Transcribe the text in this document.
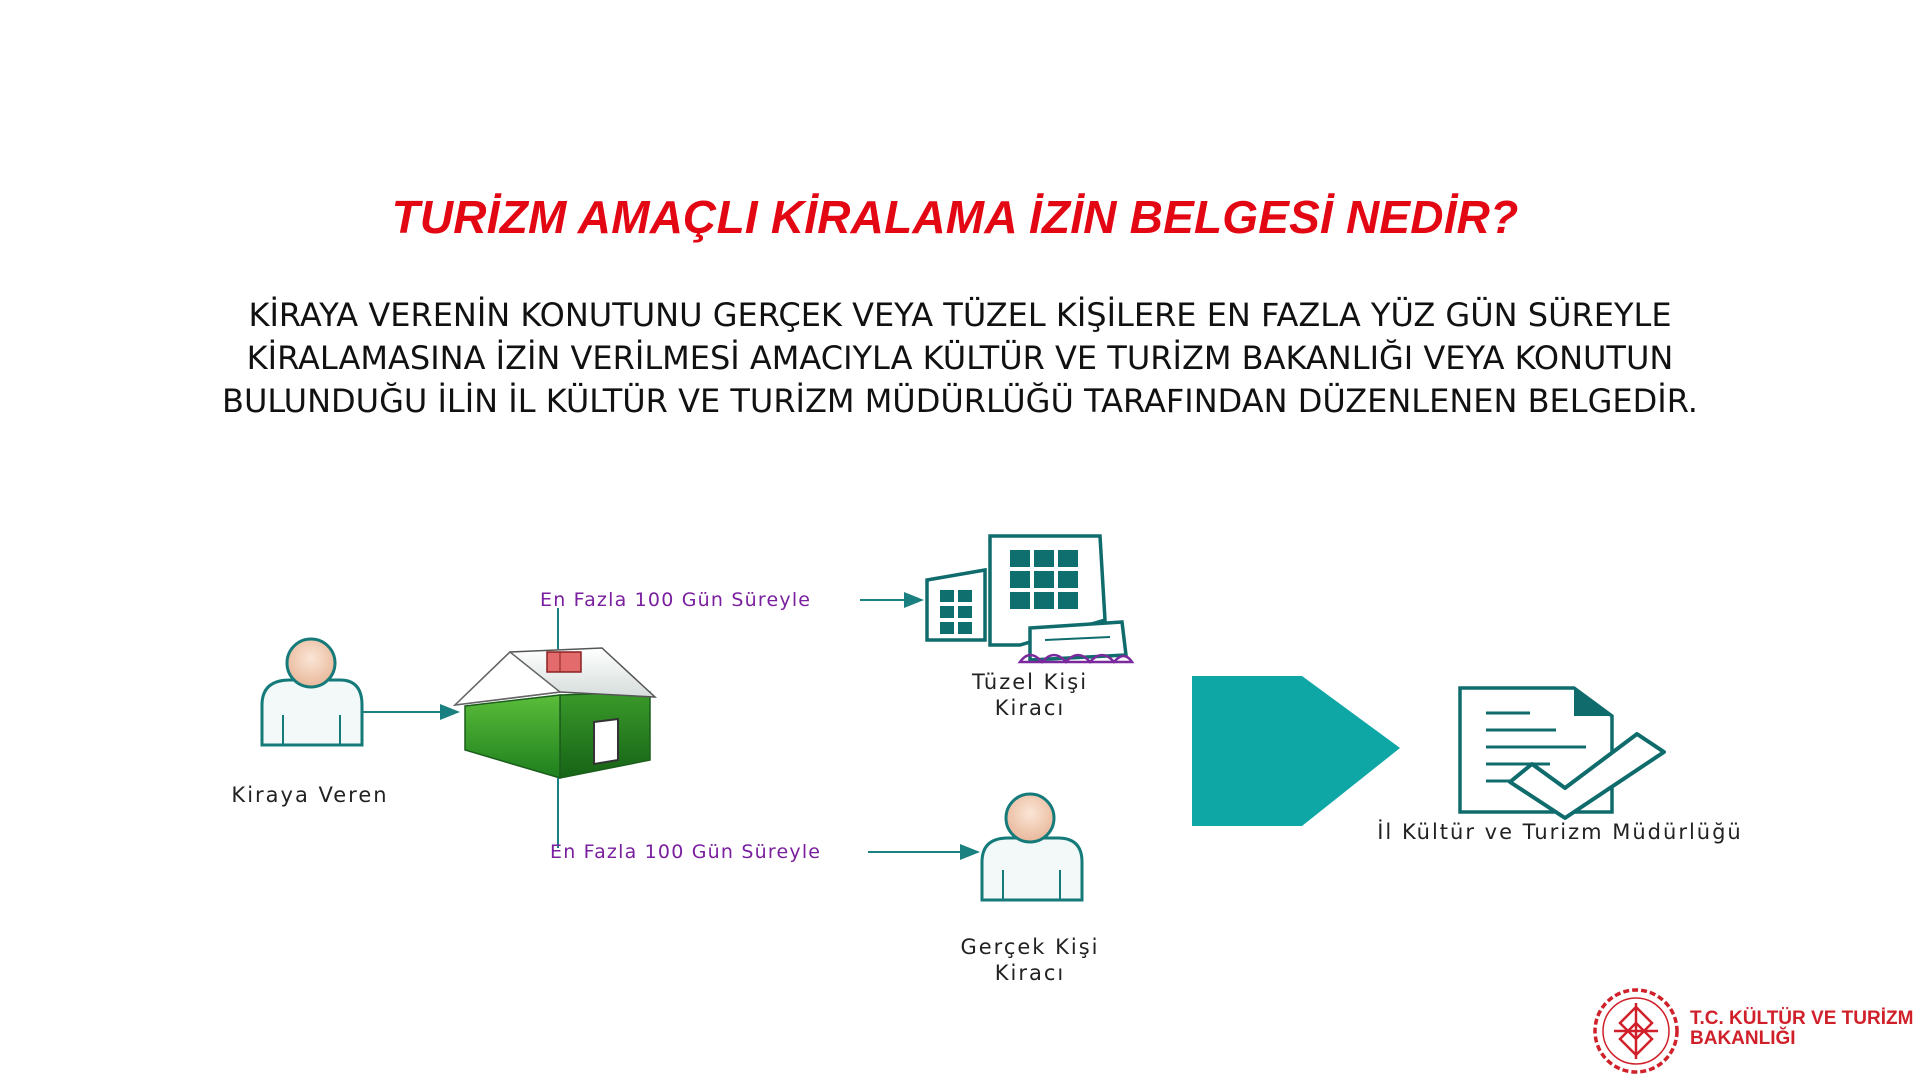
TURİZM AMAÇLI KİRALAMA İZİN BELGESİ NEDİR?
KİRAYA VERENİN KONUTUNU GERÇEK VEYA TÜZEL KİŞİLERE EN FAZLA YÜZ GÜN SÜREYLE
KİRALAMASINA İZİN VERİLMESİ AMACIYLA KÜLTÜR VE TURİZM BAKANLIĞI VEYA KONUTUN
BULUNDUĞU İLİN İL KÜLTÜR VE TURİZM MÜDÜRLÜĞÜ TARAFINDAN DÜZENLENEN BELGEDİR.
Kiraya Veren
En Fazla 100 Gün Süreyle
En Fazla 100 Gün Süreyle
Tüzel Kişi
Kiracı
Gerçek Kişi
Kiracı
İl Kültür ve Turizm Müdürlüğü
T.C. KÜLTÜR VE TURİZM
BAKANLIĞI
